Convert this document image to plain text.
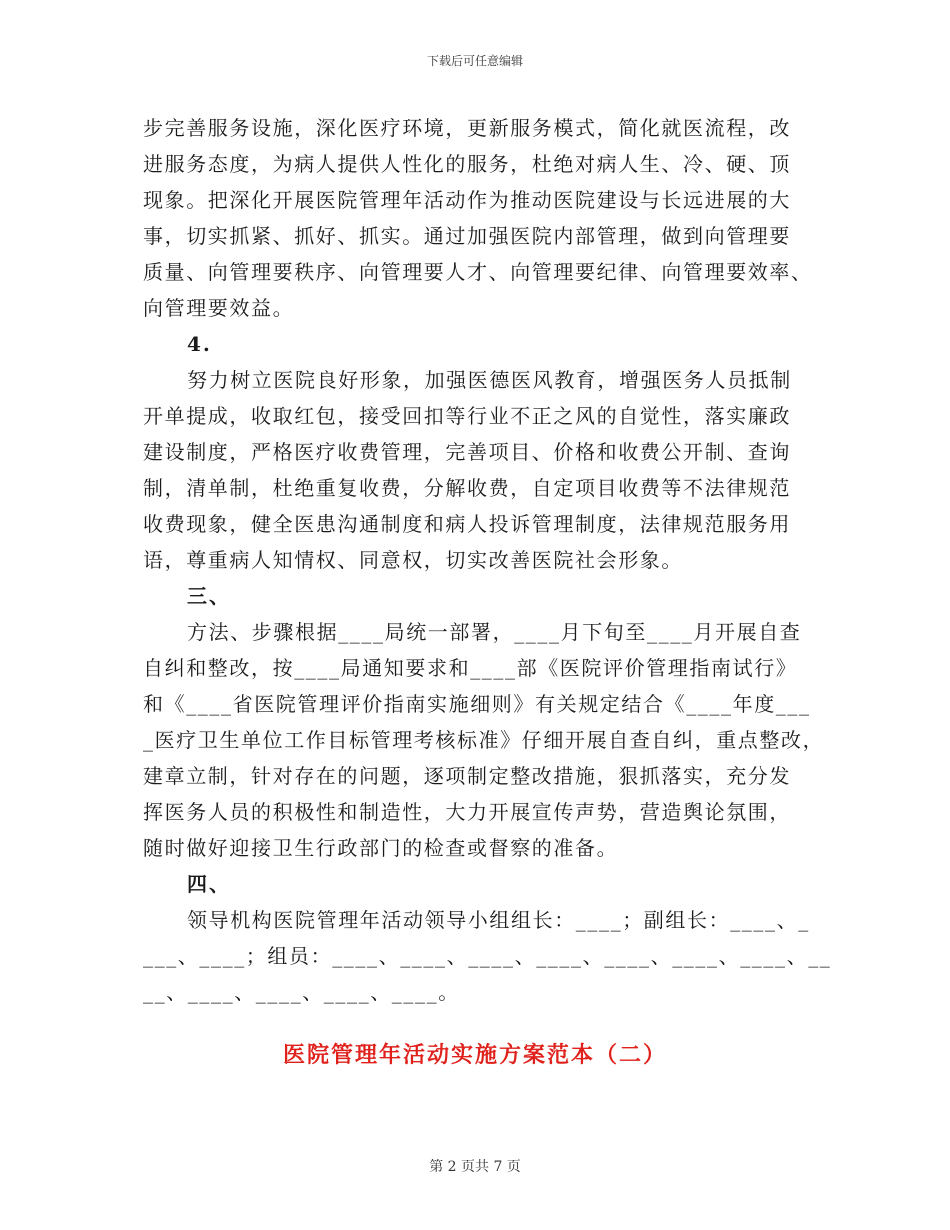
下载后可任意编辑
步完善服务设施，深化医疗环境，更新服务模式，简化就医流程，改
进服务态度，为病人提供人性化的服务，杜绝对病人生、冷、硬、顶
现象。把深化开展医院管理年活动作为推动医院建设与长远进展的大
事，切实抓紧、抓好、抓实。通过加强医院内部管理，做到向管理要
质量、向管理要秩序、向管理要人才、向管理要纪律、向管理要效率、
向管理要效益。
4.
努力树立医院良好形象，加强医德医风教育，增强医务人员抵制
开单提成，收取红包，接受回扣等行业不正之风的自觉性，落实廉政
建设制度，严格医疗收费管理，完善项目、价格和收费公开制、查询
制，清单制，杜绝重复收费，分解收费，自定项目收费等不法律规范
收费现象，健全医患沟通制度和病人投诉管理制度，法律规范服务用
语，尊重病人知情权、同意权，切实改善医院社会形象。
三、
方法、步骤根据____局统一部署，____月下旬至____月开展自查
自纠和整改，按____局通知要求和____部《医院评价管理指南试行》
和《____省医院管理评价指南实施细则》有关规定结合《____年度___
_医疗卫生单位工作目标管理考核标准》仔细开展自查自纠，重点整改，
建章立制，针对存在的问题，逐项制定整改措施，狠抓落实，充分发
挥医务人员的积极性和制造性，大力开展宣传声势，营造舆论氛围，
随时做好迎接卫生行政部门的检查或督察的准备。
四、
领导机构医院管理年活动领导小组组长：____；副组长：____、_
___、____；组员：____、____、____、____、____、____、____、__
__、____、____、____、____。
医院管理年活动实施方案范本（二）
第 2 页共 7 页
